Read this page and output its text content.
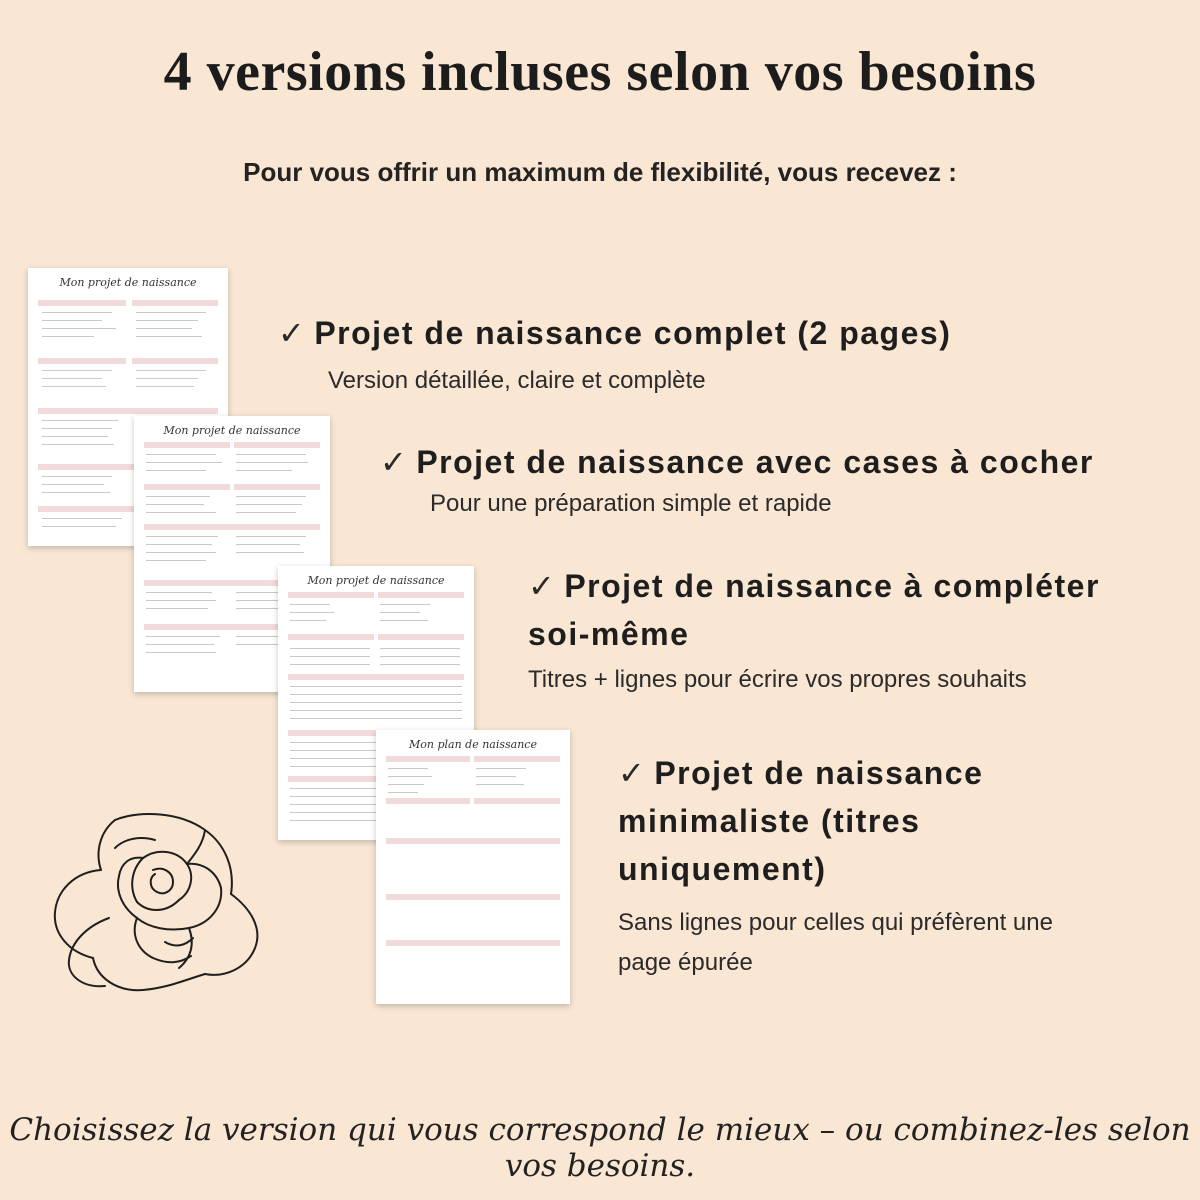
4 versions incluses selon vos besoins
Pour vous offrir un maximum de flexibilité, vous recevez :
Mon projet de naissance
Mon projet de naissance
Mon projet de naissance
Mon plan de naissance
✓ Projet de naissance complet (2 pages)
Version détaillée, claire et complète
✓ Projet de naissance avec cases à cocher
Pour une préparation simple et rapide
✓ Projet de naissance à compléter
soi-même
Titres + lignes pour écrire vos propres souhaits
✓ Projet de naissance
minimaliste (titres
uniquement)
Sans lignes pour celles qui préfèrent une
page épurée
Choisissez la version qui vous correspond le mieux – ou combinez-les selon vos besoins.
